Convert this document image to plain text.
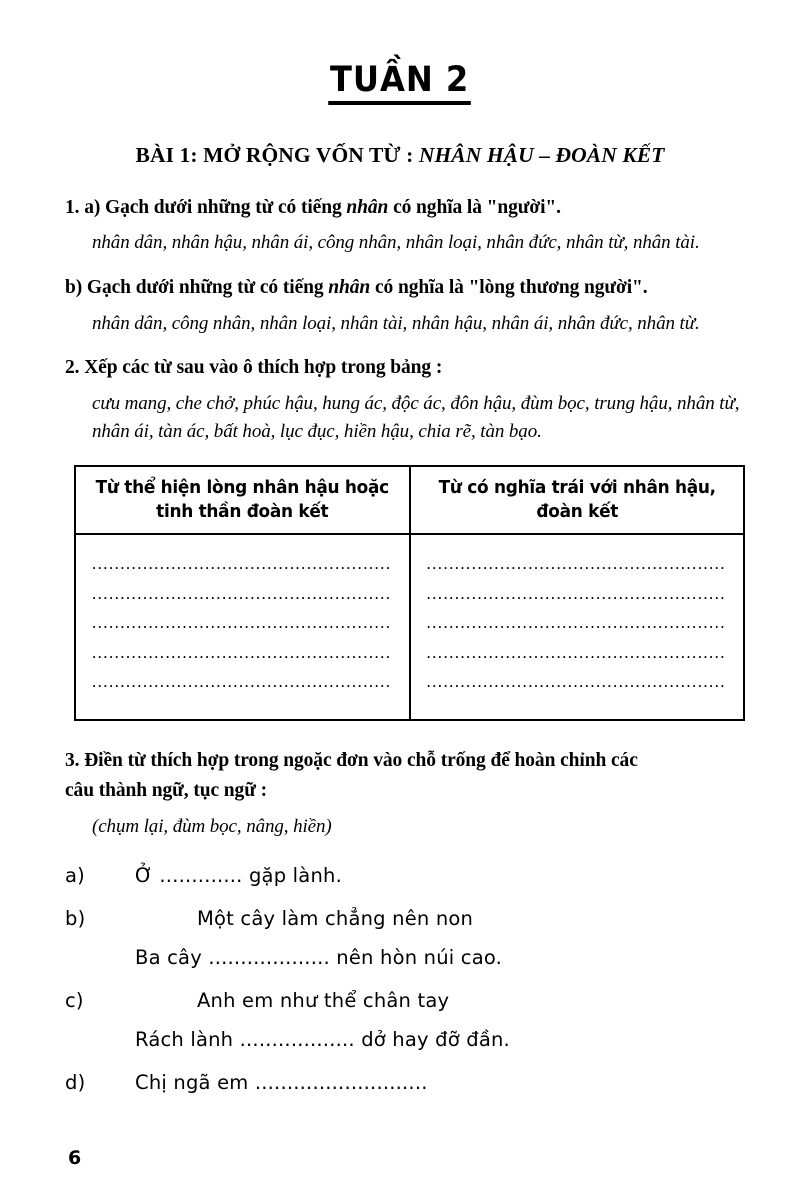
TUẦN 2
BÀI 1: MỞ RỘNG VỐN TỪ : NHÂN HẬU – ĐOÀN KẾT
1. a) Gạch dưới những từ có tiếng nhân có nghĩa là "người".
nhân dân, nhân hậu, nhân ái, công nhân, nhân loại, nhân đức, nhân từ, nhân tài.
b) Gạch dưới những từ có tiếng nhân có nghĩa là "lòng thương người".
nhân dân, công nhân, nhân loại, nhân tài, nhân hậu, nhân ái, nhân đức, nhân từ.
2. Xếp các từ sau vào ô thích hợp trong bảng :
cưu mang, che chở, phúc hậu, hung ác, độc ác, đôn hậu, đùm bọc, trung hậu, nhân từ, nhân ái, tàn ác, bất hoà, lục đục, hiền hậu, chia rẽ, tàn bạo.
Từ thể hiện lòng nhân hậu hoặc tinh thần đoàn kết	Từ có nghĩa trái với nhân hậu, đoàn kết

.....................................................
.....................................................
.....................................................
.....................................................
.....................................................

.....................................................
.....................................................
.....................................................
.....................................................
.....................................................
3. Điền từ thích hợp trong ngoặc đơn vào chỗ trống để hoàn chỉnh các
câu thành ngữ, tục ngữ :
(chụm lại, đùm bọc, nâng, hiền)
a)	Ở ............. gặp lành.
b)	Một cây làm chẳng nên non
Ba cây ................... nên hòn núi cao.
c)	Anh em như thể chân tay
Rách lành .................. dở hay đỡ đần.
d)	Chị ngã em ...........................
6
